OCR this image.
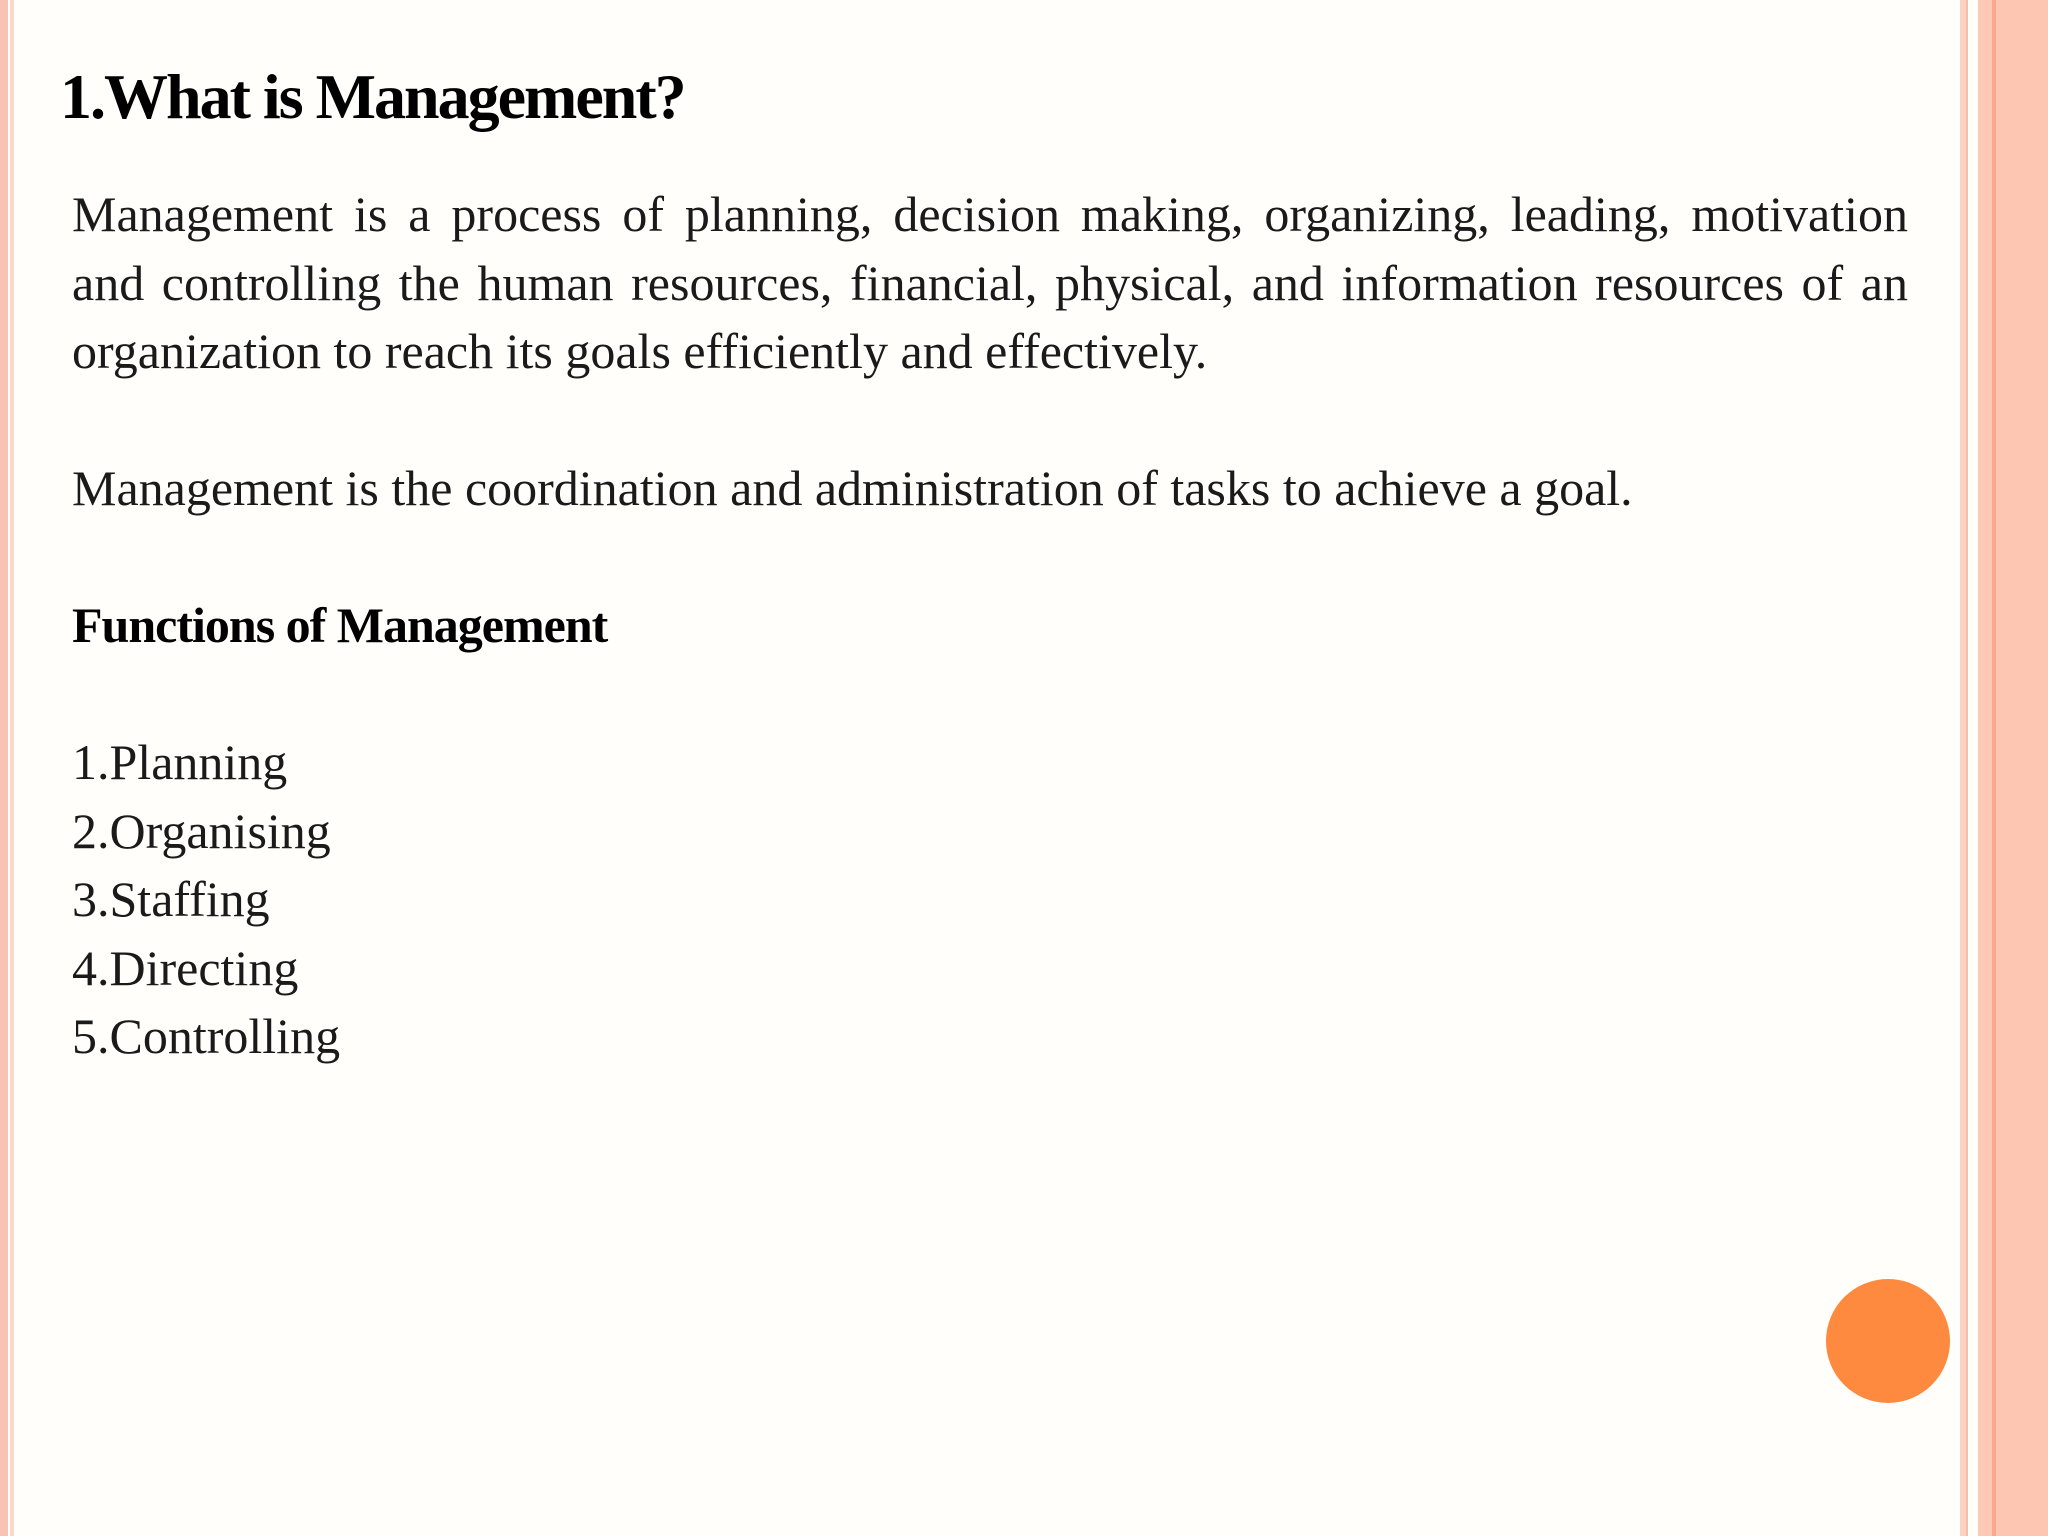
1.What is Management?

Management is a process of planning, decision making, organizing, leading, motivation and controlling the human resources, financial, physical, and information resources of an organization to reach its goals efficiently and effectively.

Management is the coordination and administration of tasks to achieve a goal.

Functions of Management

1.Planning
2.Organising
3.Staffing
4.Directing
5.Controlling
